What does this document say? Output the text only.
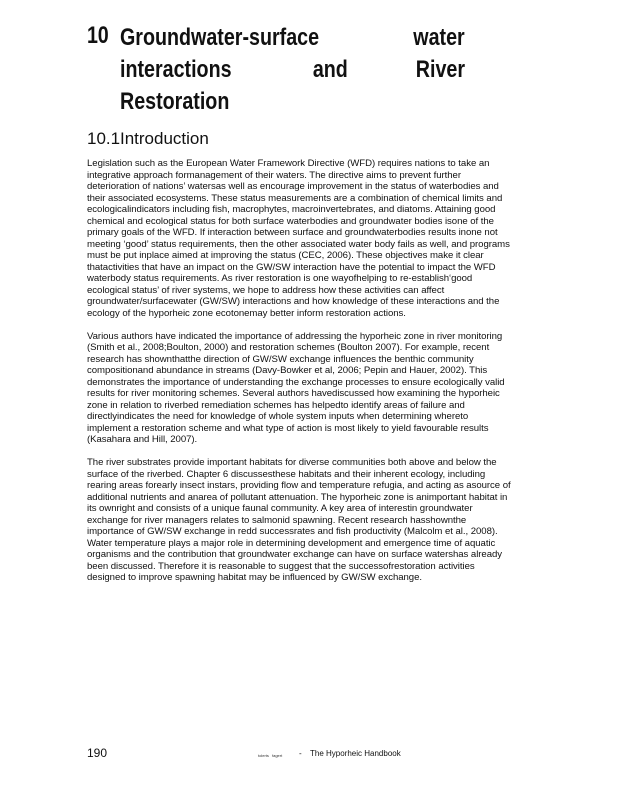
10 Groundwater-surface	water
interactions	and	River
Restoration
10.1Introduction

Legislation such as the European Water Framework Directive (WFD) requires nations to take an integrative approach formanagement of their waters. The directive aims to prevent further deterioration of nations’ watersas well as encourage improvement in the status of waterbodies and their associated ecosystems. These status measurements are a combination of chemical limits and ecologicalindicators including fish, macrophytes, macroinvertebrates, and diatoms. Attaining good chemical and ecological status for both surface waterbodies and groundwater bodies isone of the primary goals of the WFD. If interaction between surface and groundwaterbodies results inone not meeting ‘good’ status requirements, then the other associated water body fails as well, and programs must be put inplace aimed at improving the status (CEC, 2006). These objectives make it clear thatactivities that have an impact on the GW/SW interaction have the potential to impact the WFD waterbody status requirements. As river restoration is one wayofhelping to re-establish‘good ecological status’ of river systems, we hope to address how these activities can affect groundwater/surfacewater (GW/SW) interactions and how knowledge of these interactions and the ecology of the hyporheic zone ecotonemay better inform restoration actions.

Various authors have indicated the importance of addressing the hyporheic zone in river monitoring (Smith et al., 2008;Boulton, 2000) and restoration schemes (Boulton 2007). For example, recent research has shownthatthe direction of GW/SW exchange influences the benthic community compositionand abundance in streams (Davy-Bowker et al, 2006; Pepin and Hauer, 2002). This demonstrates the importance of understanding the exchange processes to ensure ecologically valid results for river monitoring schemes. Several authors havediscussed how examining the hyporheic zone in relation to riverbed remediation schemes has helpedto identify areas of failure and directlyindicates the need for knowledge of whole system inputs when determining whereto implement a restoration scheme and what type of action is most likely to yield favourable results (Kasahara and Hill, 2007).

The river substrates provide important habitats for diverse communities both above and below the surface of the riverbed. Chapter 6 discussesthese habitats and their inherent ecology, including rearing areas forearly insect instars, providing flow and temperature refugia, and acting as asource of additional nutrients and anarea of pollutant attenuation. The hyporheic zone is animportant habitat in its ownright and consists of a unique faunal community. A key area of interestin groundwater exchange for river managers relates to salmonid spawning. Recent research hasshownthe importance of GW/SW exchange in redd successrates and fish productivity (Malcolm et al., 2008). Water temperature plays a major role in determining development and emergence time of aquatic organisms and the contribution that groundwater exchange can have on surface watershas already been discussed. Therefore it is reasonable to suggest that the successofrestoration activities designed to improve spawning habitat may be influenced by GW/SW exchange.

190	tolerts fagert - The Hyporheic Handbook
